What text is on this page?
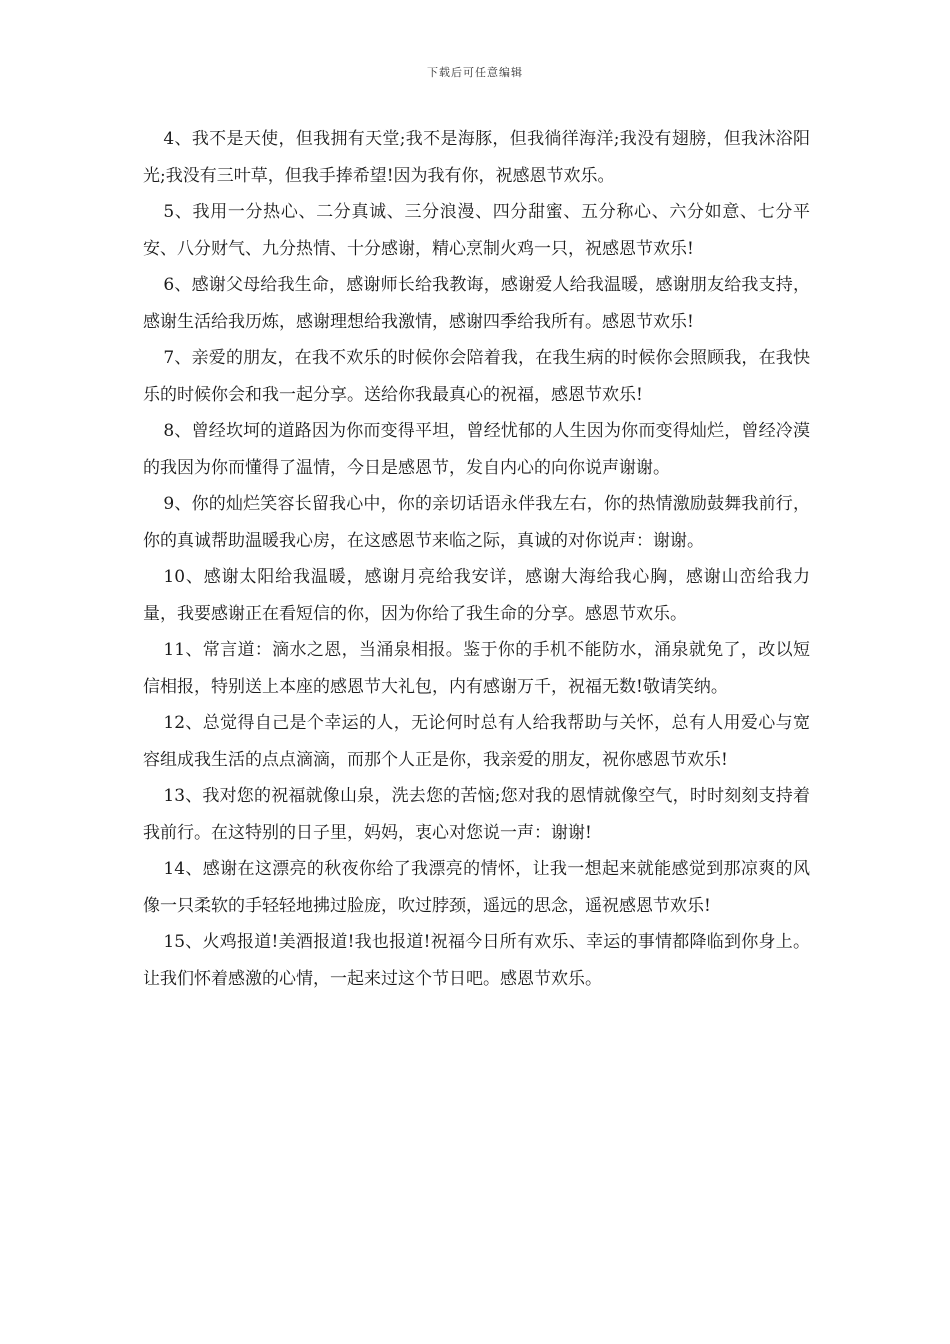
下载后可任意编辑

4、我不是天使，但我拥有天堂;我不是海豚，但我徜徉海洋;我没有翅膀，但我沐浴阳光;我没有三叶草，但我手捧希望!因为我有你，祝感恩节欢乐。

5、我用一分热心、二分真诚、三分浪漫、四分甜蜜、五分称心、六分如意、七分平安、八分财气、九分热情、十分感谢，精心烹制火鸡一只，祝感恩节欢乐!

6、感谢父母给我生命，感谢师长给我教诲，感谢爱人给我温暖，感谢朋友给我支持，感谢生活给我历炼，感谢理想给我激情，感谢四季给我所有。感恩节欢乐!

7、亲爱的朋友，在我不欢乐的时候你会陪着我，在我生病的时候你会照顾我，在我快乐的时候你会和我一起分享。送给你我最真心的祝福，感恩节欢乐!

8、曾经坎坷的道路因为你而变得平坦，曾经忧郁的人生因为你而变得灿烂，曾经冷漠的我因为你而懂得了温情，今日是感恩节，发自内心的向你说声谢谢。

9、你的灿烂笑容长留我心中，你的亲切话语永伴我左右，你的热情激励鼓舞我前行，你的真诚帮助温暖我心房，在这感恩节来临之际，真诚的对你说声：谢谢。

10、感谢太阳给我温暖，感谢月亮给我安详，感谢大海给我心胸，感谢山峦给我力量，我要感谢正在看短信的你，因为你给了我生命的分享。感恩节欢乐。

11、常言道：滴水之恩，当涌泉相报。鉴于你的手机不能防水，涌泉就免了，改以短信相报，特别送上本座的感恩节大礼包，内有感谢万千，祝福无数!敬请笑纳。

12、总觉得自己是个幸运的人，无论何时总有人给我帮助与关怀，总有人用爱心与宽容组成我生活的点点滴滴，而那个人正是你，我亲爱的朋友，祝你感恩节欢乐!

13、我对您的祝福就像山泉，洗去您的苦恼;您对我的恩情就像空气，时时刻刻支持着我前行。在这特别的日子里，妈妈，衷心对您说一声：谢谢!

14、感谢在这漂亮的秋夜你给了我漂亮的情怀，让我一想起来就能感觉到那凉爽的风像一只柔软的手轻轻地拂过脸庞，吹过脖颈，遥远的思念，遥祝感恩节欢乐!

15、火鸡报道!美酒报道!我也报道!祝福今日所有欢乐、幸运的事情都降临到你身上。让我们怀着感激的心情，一起来过这个节日吧。感恩节欢乐。
